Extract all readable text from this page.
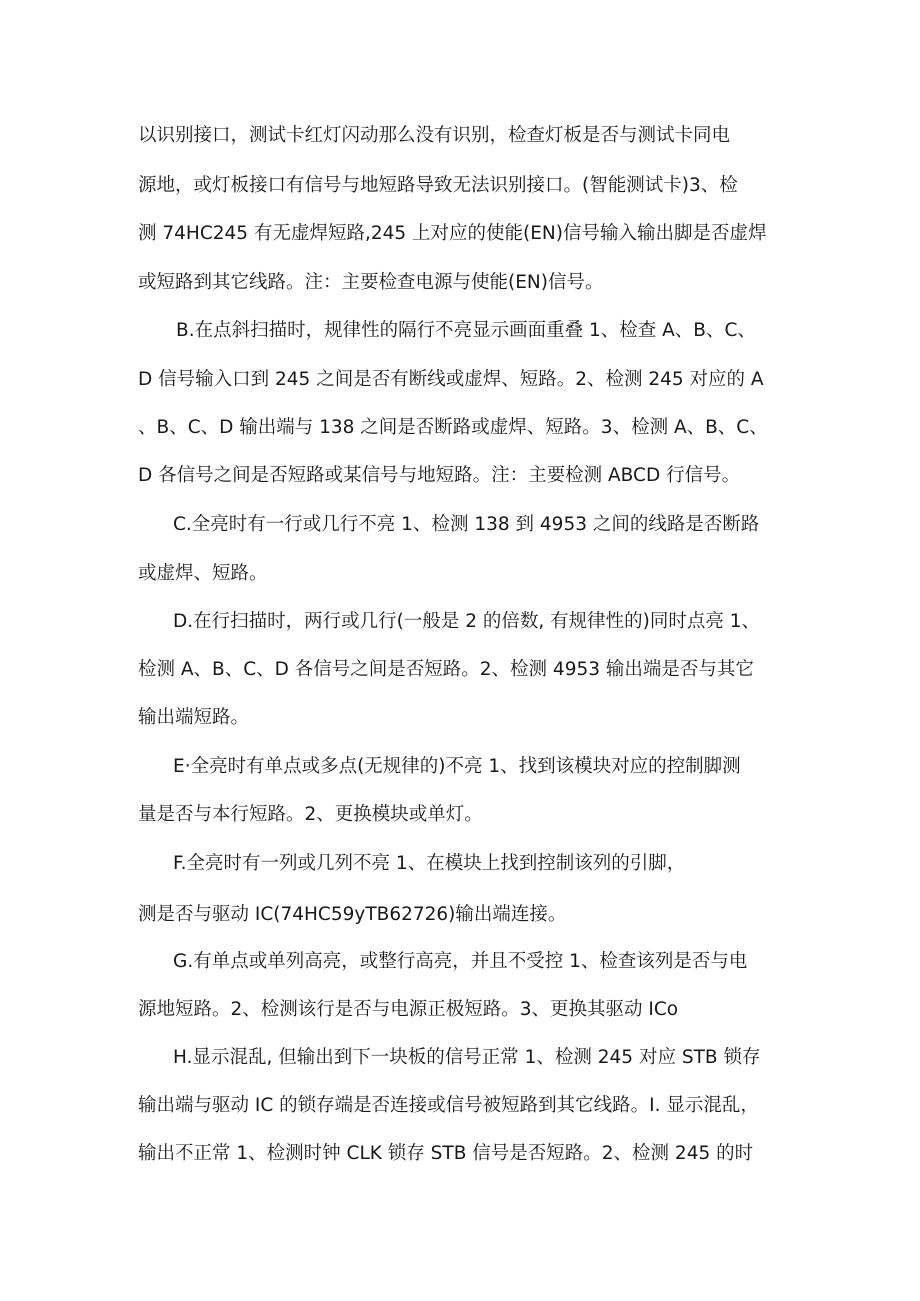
以识别接口，测试卡红灯闪动那么没有识别，检查灯板是否与测试卡同电
源地，或灯板接口有信号与地短路导致无法识别接口。(智能测试卡)3、检
测 74HC245 有无虚焊短路,245 上对应的使能(EN)信号输入输出脚是否虚焊
或短路到其它线路。注：主要检查电源与使能(EN)信号。
B.在点斜扫描时，规律性的隔行不亮显示画面重叠 1、检查 A、B、C、
D 信号输入口到 245 之间是否有断线或虚焊、短路。2、检测 245 对应的 A
、B、C、D 输出端与 138 之间是否断路或虚焊、短路。3、检测 A、B、C、
D 各信号之间是否短路或某信号与地短路。注：主要检测 ABCD 行信号。
C.全亮时有一行或几行不亮 1、检测 138 到 4953 之间的线路是否断路
或虚焊、短路。
D.在行扫描时，两行或几行(一般是 2 的倍数, 有规律性的)同时点亮 1、
检测 A、B、C、D 各信号之间是否短路。2、检测 4953 输出端是否与其它
输出端短路。
E·全亮时有单点或多点(无规律的)不亮 1、找到该模块对应的控制脚测
量是否与本行短路。2、更换模块或单灯。
F.全亮时有一列或几列不亮 1、在模块上找到控制该列的引脚，
测是否与驱动 IC(74HC59yTB62726)输出端连接。
G.有单点或单列高亮，或整行高亮，并且不受控 1、检查该列是否与电
源地短路。2、检测该行是否与电源正极短路。3、更换其驱动 ICo
H.显示混乱, 但输出到下一块板的信号正常 1、检测 245 对应 STB 锁存
输出端与驱动 IC 的锁存端是否连接或信号被短路到其它线路。I. 显示混乱，
输出不正常 1、检测时钟 CLK 锁存 STB 信号是否短路。2、检测 245 的时
